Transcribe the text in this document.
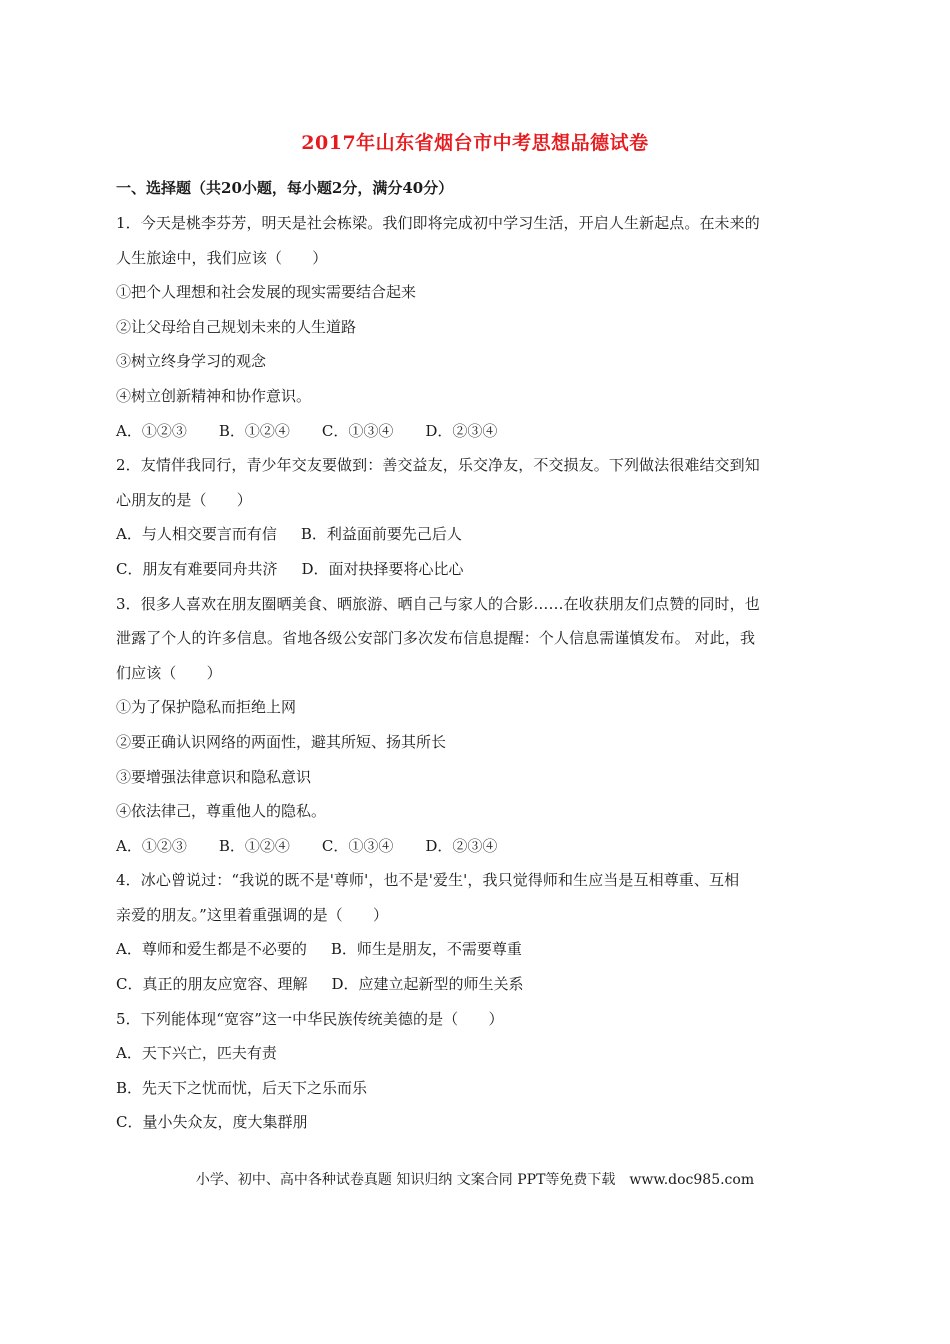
2017年山东省烟台市中考思想品德试卷

一、选择题（共20小题，每小题2分，满分40分）

1．今天是桃李芬芳，明天是社会栋梁。我们即将完成初中学习生活，开启人生新起点。在未来的

人生旅途中，我们应该（　　）

①把个人理想和社会发展的现实需要结合起来

②让父母给自己规划未来的人生道路

③树立终身学习的观念

④树立创新精神和协作意识。

A．①②③ B．①②④ C．①③④ D．②③④

2．友情伴我同行，青少年交友要做到：善交益友，乐交净友，不交损友。下列做法很难结交到知

心朋友的是（　　）

A．与人相交要言而有信 B．利益面前要先己后人
C．朋友有难要同舟共济 D．面对抉择要将心比心

3．很多人喜欢在朋友圈晒美食、晒旅游、晒自己与家人的合影……在收获朋友们点赞的同时，也

泄露了个人的许多信息。省地各级公安部门多次发布信息提醒：个人信息需谨慎发布。 对此，我

们应该（　　）

①为了保护隐私而拒绝上网

②要正确认识网络的两面性，避其所短、扬其所长

③要增强法律意识和隐私意识

④依法律己，尊重他人的隐私。

A．①②③ B．①②④ C．①③④ D．②③④

4．冰心曾说过：“我说的既不是'尊师'，也不是'爱生'，我只觉得师和生应当是互相尊重、互相

亲爱的朋友。”这里着重强调的是（　　）

A．尊师和爱生都是不必要的 B．师生是朋友，不需要尊重
C．真正的朋友应宽容、理解 D．应建立起新型的师生关系

5．下列能体现“宽容”这一中华民族传统美德的是（　　）

A．天下兴亡，匹夫有责

B．先天下之忧而忧，后天下之乐而乐

C．量小失众友，度大集群朋

小学、初中、高中各种试卷真题 知识归纳 文案合同 PPT等免费下载　www.doc985.com
